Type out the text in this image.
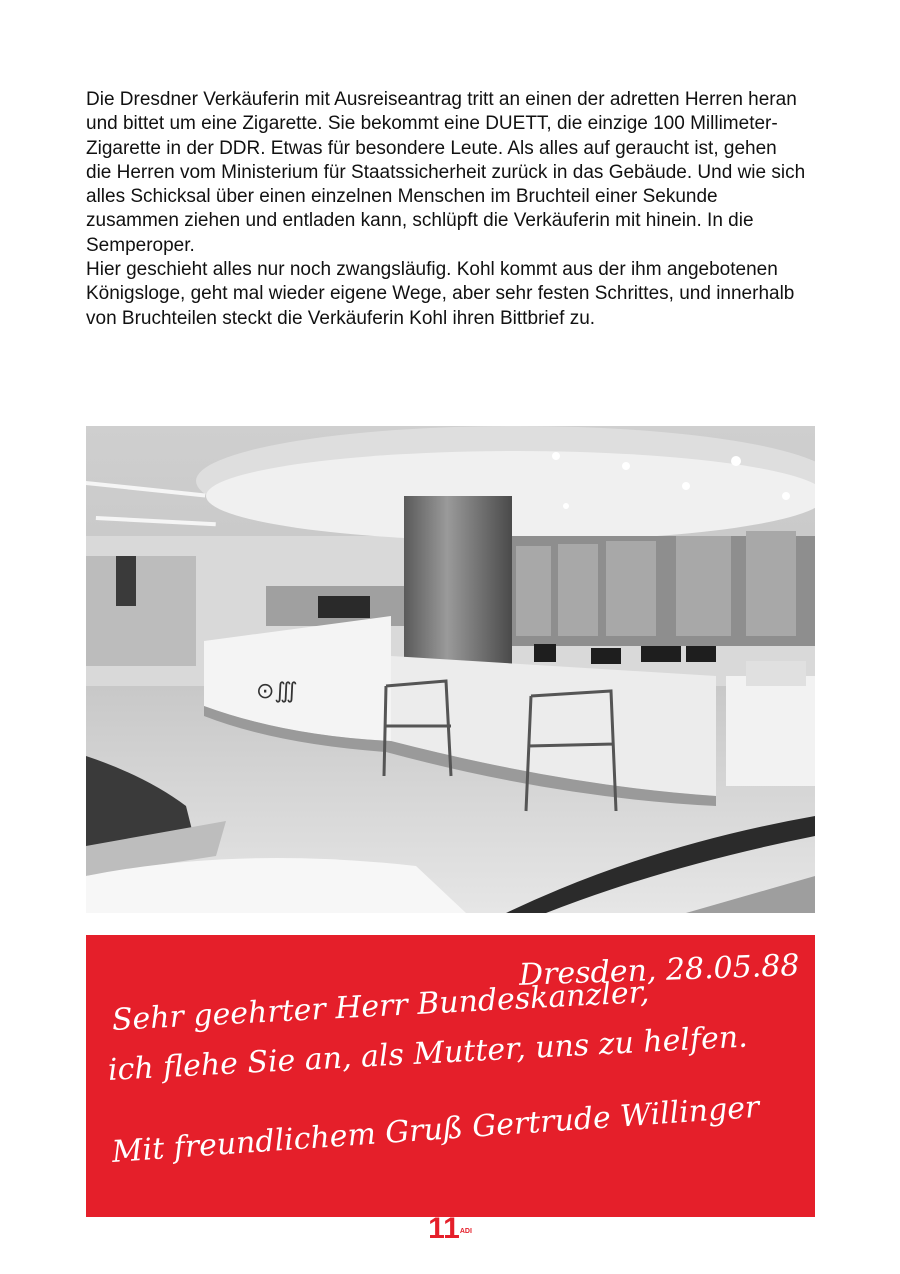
Die Dresdner Verkäuferin mit Ausreiseantrag tritt an einen der adretten Herren heran und bittet um eine Zigarette. Sie bekommt eine DUETT, die einzige 100 Millimeter- Zigarette in der DDR. Etwas für besondere Leute. Als alles auf geraucht ist, gehen die Herren vom Ministerium für Staatssicherheit zurück in das Gebäude. Und wie sich alles Schicksal über einen einzelnen Menschen im Bruchteil einer Sekunde zusammen ziehen und entladen kann, schlüpft die Verkäuferin mit hinein. In die Semperoper.

Hier geschieht alles nur noch zwangsläufig. Kohl kommt aus der ihm angebotenen Königsloge, geht mal wieder eigene Wege, aber sehr festen Schrittes, und innerhalb von Bruchteilen steckt die Verkäuferin Kohl ihren Bittbrief zu.

⊙∭
Dresden, 28.05.88
Sehr geehrter Herr Bundeskanzler,
ich flehe Sie an, als Mutter, uns zu helfen.
Mit freundlichem Gruß Gertrude Willinger
$11^{ADI}$
